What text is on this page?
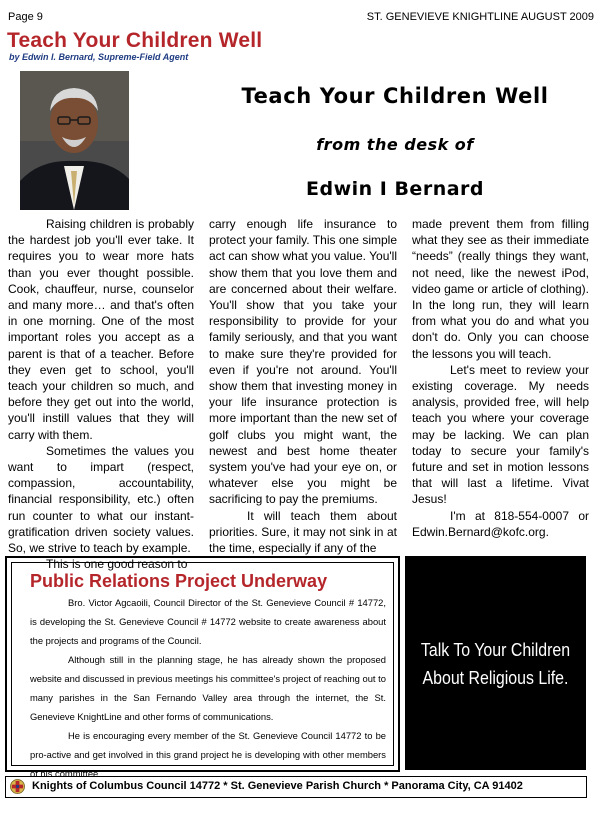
Page 9	ST. GENEVIEVE KNIGHTLINE AUGUST 2009
Teach Your Children Well
by Edwin I. Bernard, Supreme-Field Agent
Teach Your Children Well
from the desk of
Edwin I Bernard

Raising children is probably the hardest job you'll ever take. It requires you to wear more hats than you ever thought possible. Cook, chauffeur, nurse, counselor and many more… and that's often in one morning. One of the most important roles you accept as a parent is that of a teacher. Before they even get to school, you'll teach your children so much, and before they get out into the world, you'll instill values that they will carry with them.

Sometimes the values you want to impart (respect, compassion, accountability, financial responsibility, etc.) often run counter to what our instant-gratification driven society values. So, we strive to teach by example.

This is one good reason to

carry enough life insurance to protect your family. This one simple act can show what you value. You'll show them that you love them and are concerned about their welfare. You'll show that you take your responsibility to provide for your family seriously, and that you want to make sure they're provided for even if you're not around. You'll show them that investing money in your life insurance protection is more important than the new set of golf clubs you might want, the newest and best home theater system you've had your eye on, or whatever else you might be sacrificing to pay the premiums.

It will teach them about priorities. Sure, it may not sink in at the time, especially if any of the

made prevent them from filling what they see as their immediate “needs” (really things they want, not need, like the newest iPod, video game or article of clothing). In the long run, they will learn from what you do and what you don't do. Only you can choose the lessons you will teach.

Let's meet to review your existing coverage. My needs analysis, provided free, will help teach you where your coverage may be lacking. We can plan today to secure your family's future and set in motion lessons that will last a lifetime. Vivat Jesus!

I'm at 818-554-0007 or Edwin.Bernard@kofc.org.

Public Relations Project Underway

Bro. Victor Agcaoili, Council Director of the St. Genevieve Council # 14772, is developing the St. Genevieve Council # 14772 website to create awareness about the projects and programs of the Council.

Although still in the planning stage, he has already shown the proposed website and discussed in previous meetings his committee's project of reaching out to many parishes in the San Fernando Valley area through the internet, the St. Genevieve KnightLine and other forms of communications.

He is encouraging every member of the St. Genevieve Council 14772 to be pro-active and get involved in this grand project he is developing with other members of his committee.

Talk To Your Children
About Religious Life.
Knights of Columbus Council 14772 * St. Genevieve Parish Church * Panorama City, CA 91402
